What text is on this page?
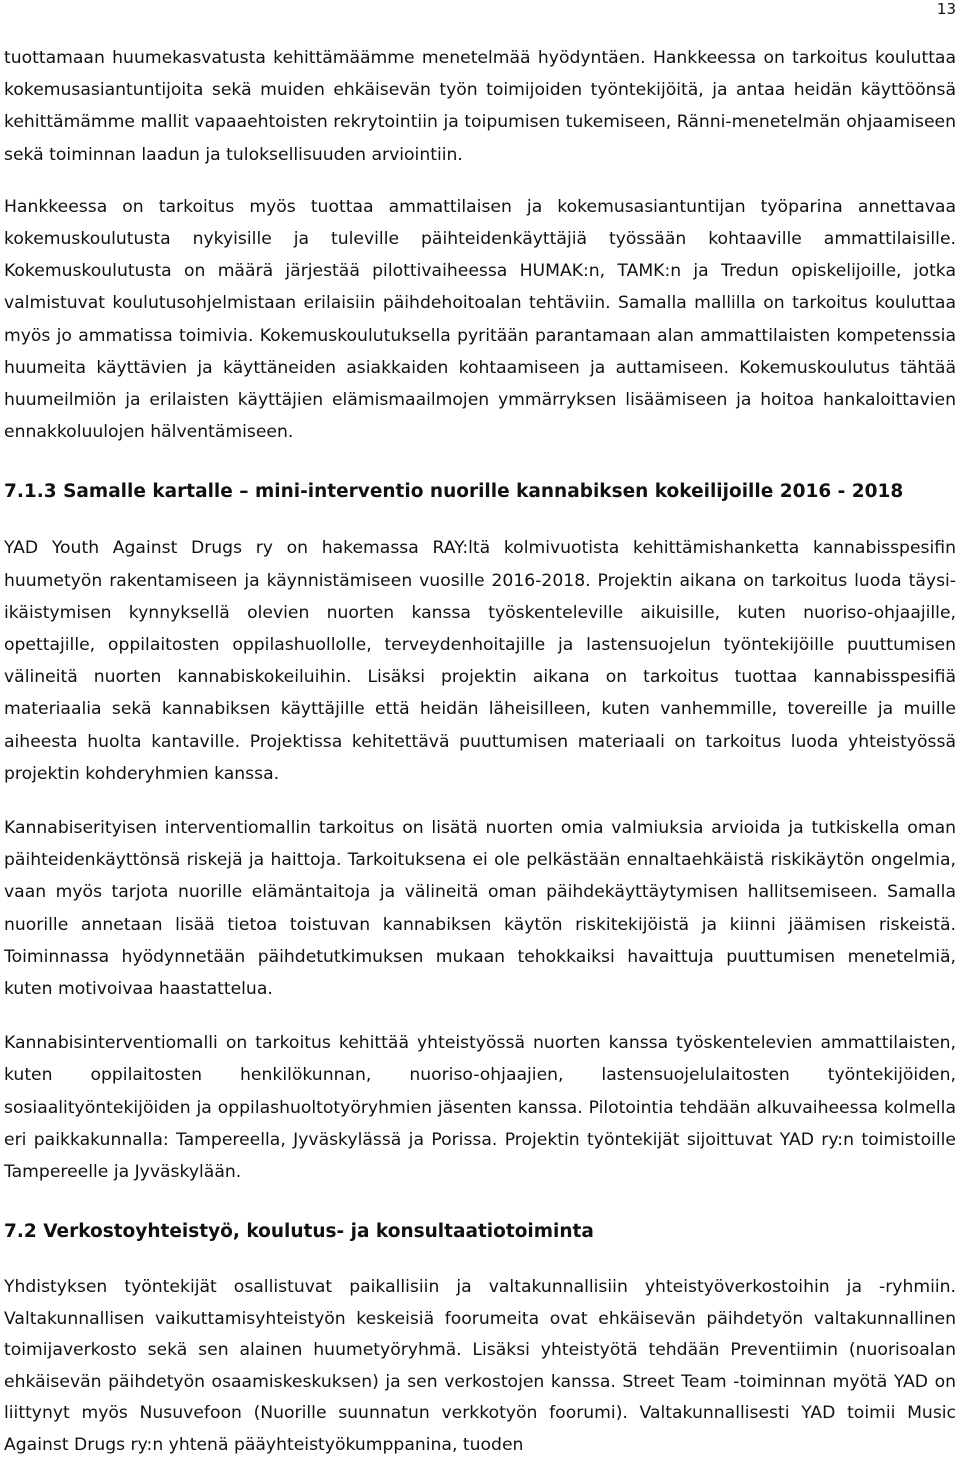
13

tuottamaan huumekasvatusta kehittämäämme menetelmää hyödyntäen. Hankkeessa on tarkoitus kouluttaa kokemusasiantuntijoita sekä muiden ehkäisevän työn toimijoiden työntekijöitä, ja antaa heidän käyttöönsä kehittämämme mallit vapaaehtoisten rekrytointiin ja toipumisen tukemiseen, Ränni-menetelmän ohjaamiseen sekä toiminnan laadun ja tuloksellisuuden arviointiin.

Hankkeessa on tarkoitus myös tuottaa ammattilaisen ja kokemusasiantuntijan työparina annettavaa kokemuskoulutusta nykyisille ja tuleville päihteidenkäyttäjiä työssään kohtaaville ammattilaisille. Kokemuskoulutusta on määrä järjestää pilottivaiheessa HUMAK:n, TAMK:n ja Tredun opiskelijoille, jotka valmistuvat koulutusohjelmistaan erilaisiin päihdehoitoalan tehtäviin. Samalla mallilla on tarkoitus kouluttaa myös jo ammatissa toimivia. Kokemuskoulutuksella pyritään parantamaan alan ammattilaisten kompetenssia huumeita käyttävien ja käyttäneiden asiakkaiden kohtaamiseen ja auttamiseen. Kokemuskoulutus tähtää huumeilmiön ja erilaisten käyttäjien elämismaailmojen ymmärryksen lisäämiseen ja hoitoa hankaloittavien ennakkoluulojen hälventämiseen.

7.1.3 Samalle kartalle – mini-interventio nuorille kannabiksen kokeilijoille 2016 - 2018

YAD Youth Against Drugs ry on hakemassa RAY:ltä kolmivuotista kehittämishanketta kannabisspesifin huumetyön rakentamiseen ja käynnistämiseen vuosille 2016-2018. Projektin aikana on tarkoitus luoda täysi-ikäistymisen kynnyksellä olevien nuorten kanssa työskenteleville aikuisille, kuten nuoriso-ohjaajille, opettajille, oppilaitosten oppilashuollolle, terveydenhoitajille ja lastensuojelun työntekijöille puuttumisen välineitä nuorten kannabiskokeiluihin. Lisäksi projektin aikana on tarkoitus tuottaa kannabisspesifiä materiaalia sekä kannabiksen käyttäjille että heidän läheisilleen, kuten vanhemmille, tovereille ja muille aiheesta huolta kantaville. Projektissa kehitettävä puuttumisen materiaali on tarkoitus luoda yhteistyössä projektin kohderyhmien kanssa.

Kannabiserityisen interventiomallin tarkoitus on lisätä nuorten omia valmiuksia arvioida ja tutkiskella oman päihteidenkäyttönsä riskejä ja haittoja. Tarkoituksena ei ole pelkästään ennaltaehkäistä riskikäytön ongelmia, vaan myös tarjota nuorille elämäntaitoja ja välineitä oman päihdekäyttäytymisen hallitsemiseen. Samalla nuorille annetaan lisää tietoa toistuvan kannabiksen käytön riskitekijöistä ja kiinni jäämisen riskeistä. Toiminnassa hyödynnetään päihdetutkimuksen mukaan tehokkaiksi havaittuja puuttumisen menetelmiä, kuten motivoivaa haastattelua.

Kannabisinterventiomalli on tarkoitus kehittää yhteistyössä nuorten kanssa työskentelevien ammattilaisten, kuten oppilaitosten henkilökunnan, nuoriso-ohjaajien, lastensuojelulaitosten työntekijöiden, sosiaalityöntekijöiden ja oppilashuoltotyöryhmien jäsenten kanssa. Pilotointia tehdään alkuvaiheessa kolmella eri paikkakunnalla: Tampereella, Jyväskylässä ja Porissa. Projektin työntekijät sijoittuvat YAD ry:n toimistoille Tampereelle ja Jyväskylään.

7.2 Verkostoyhteistyö, koulutus- ja konsultaatiotoiminta

Yhdistyksen työntekijät osallistuvat paikallisiin ja valtakunnallisiin yhteistyöverkostoihin ja -ryhmiin. Valtakunnallisen vaikuttamisyhteistyön keskeisiä foorumeita ovat ehkäisevän päihdetyön valtakunnallinen toimijaverkosto sekä sen alainen huumetyöryhmä. Lisäksi yhteistyötä tehdään Preventiimin (nuorisoalan ehkäisevän päihdetyön osaamiskeskuksen) ja sen verkostojen kanssa. Street Team -toiminnan myötä YAD on liittynyt myös Nusuvefoon (Nuorille suunnatun verkkotyön foorumi). Valtakunnallisesti YAD toimii Music Against Drugs ry:n yhtenä pääyhteistyökumppanina, tuoden
